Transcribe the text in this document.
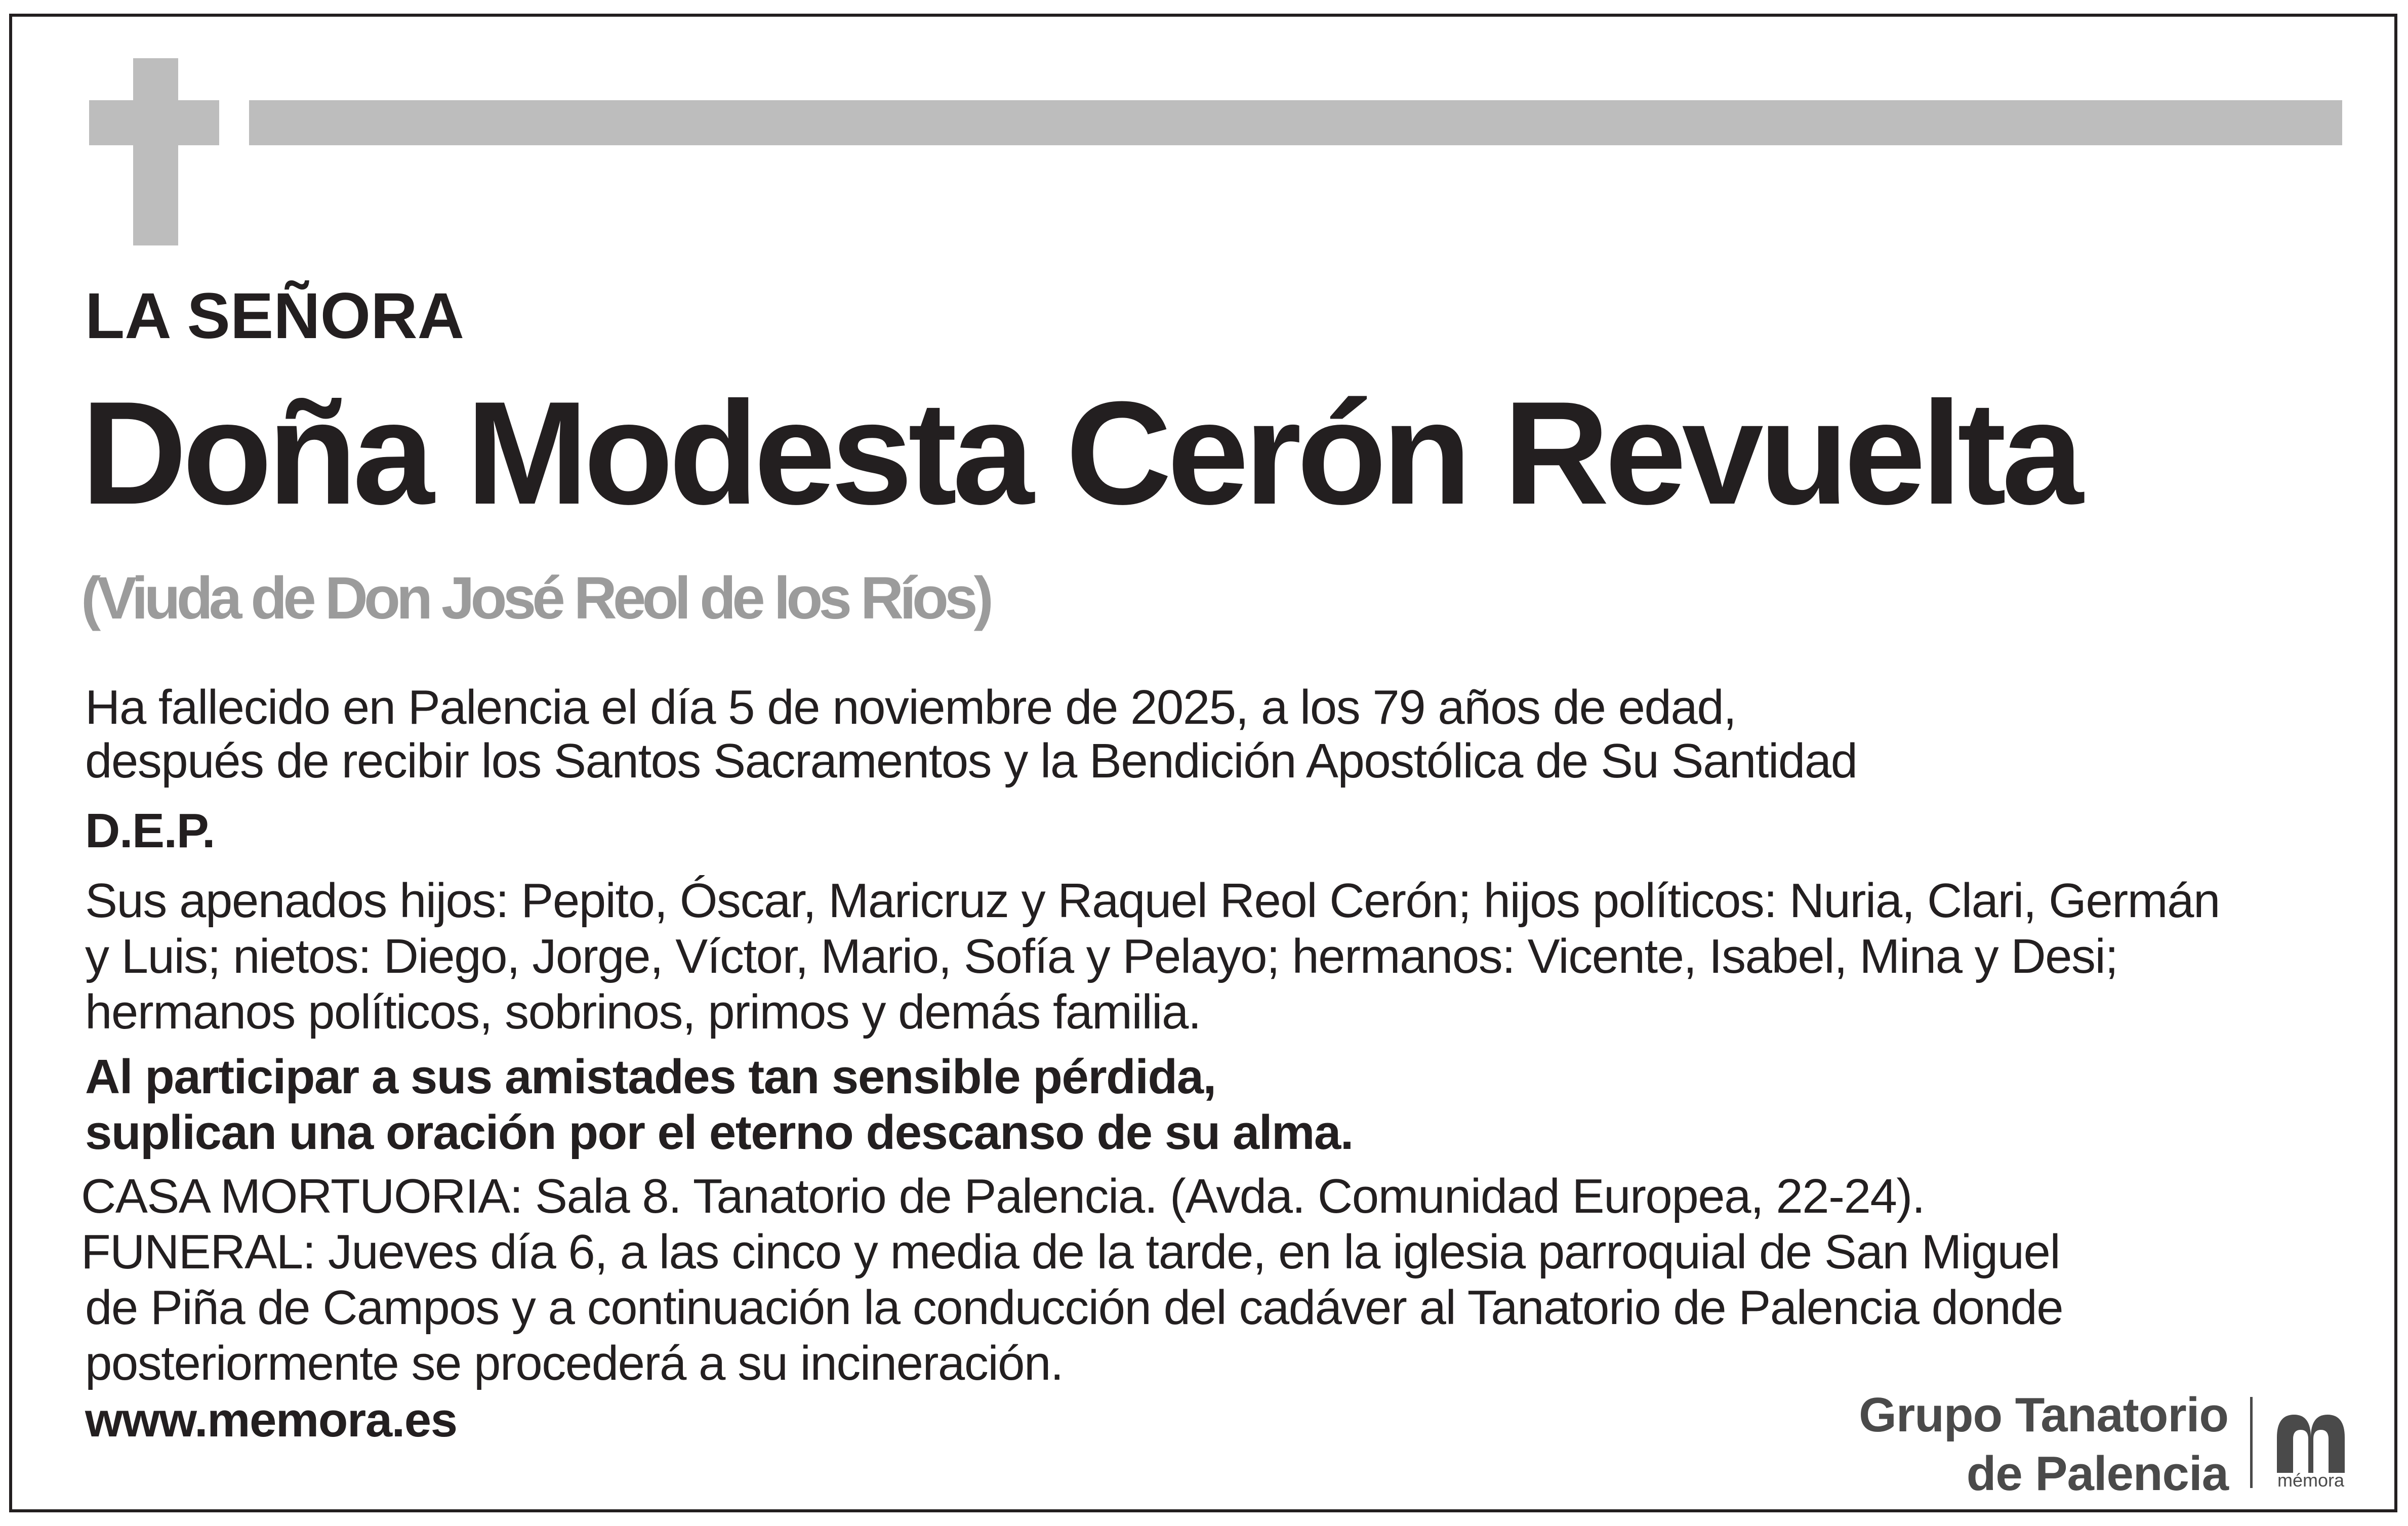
LA SEÑORA

Doña Modesta Cerón Revuelta

(Viuda de Don José Reol de los Ríos)

Ha fallecido en Palencia el día 5 de noviembre de 2025, a los 79 años de edad,

después de recibir los Santos Sacramentos y la Bendición Apostólica de Su Santidad

D.E.P.

Sus apenados hijos: Pepito, Óscar, Maricruz y Raquel Reol Cerón; hijos políticos: Nuria, Clari, Germán

y Luis; nietos: Diego, Jorge, Víctor, Mario, Sofía y Pelayo; hermanos: Vicente, Isabel, Mina y Desi;

hermanos políticos, sobrinos, primos y demás familia.

Al participar a sus amistades tan sensible pérdida,

suplican una oración por el eterno descanso de su alma.

CASA MORTUORIA: Sala 8. Tanatorio de Palencia. (Avda. Comunidad Europea, 22-24).

FUNERAL: Jueves día 6, a las cinco y media de la tarde, en la iglesia parroquial de San Miguel

de Piña de Campos y a continuación la conducción del cadáver al Tanatorio de Palencia donde

posteriormente se procederá a su incineración.

www.memora.es	Grupo Tanatorio
de Palencia	mémora
